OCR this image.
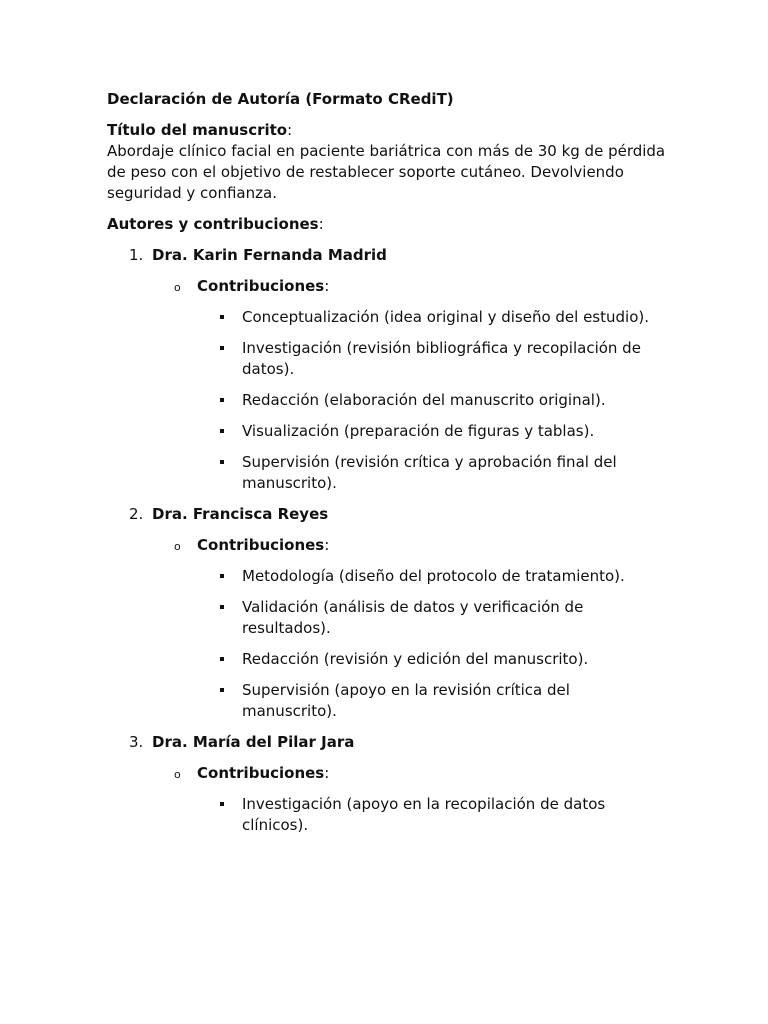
Declaración de Autoría (Formato CRediT)
Título del manuscrito:
Abordaje clínico facial en paciente bariátrica con más de 30 kg de pérdida de peso con el objetivo de restablecer soporte cutáneo. Devolviendo seguridad y confianza.
Autores y contribuciones:
1. Dra. Karin Fernanda Madrid
o Contribuciones:
Conceptualización (idea original y diseño del estudio).
Investigación (revisión bibliográfica y recopilación de datos).
Redacción (elaboración del manuscrito original).
Visualización (preparación de figuras y tablas).
Supervisión (revisión crítica y aprobación final del manuscrito).
2. Dra. Francisca Reyes
o Contribuciones:
Metodología (diseño del protocolo de tratamiento).
Validación (análisis de datos y verificación de resultados).
Redacción (revisión y edición del manuscrito).
Supervisión (apoyo en la revisión crítica del manuscrito).
3. Dra. María del Pilar Jara
o Contribuciones:
Investigación (apoyo en la recopilación de datos clínicos).
